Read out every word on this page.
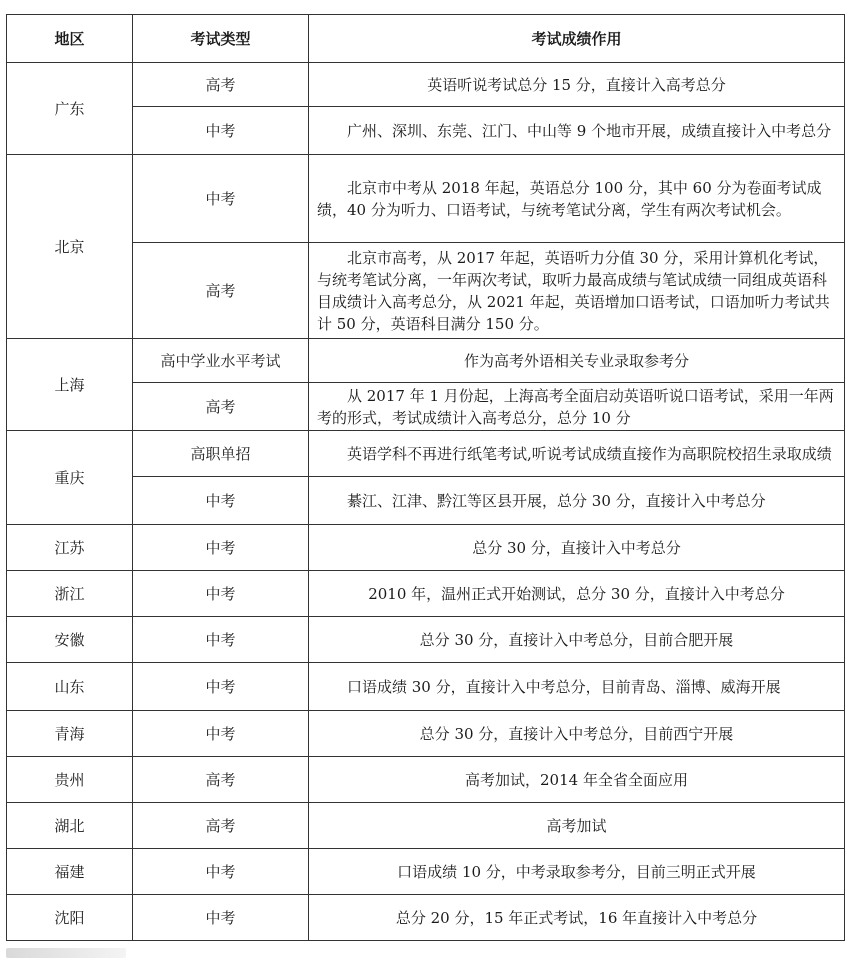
地区	考试类型	考试成绩作用
广东	高考	英语听说考试总分 15 分，直接计入高考总分
	中考	广州、深圳、东莞、江门、中山等 9 个地市开展，成绩直接计入中考总分
北京	中考	北京市中考从 2018 年起，英语总分 100 分，其中 60 分为卷面考试成绩，40 分为听力、口语考试，与统考笔试分离，学生有两次考试机会。
	高考	北京市高考，从 2017 年起，英语听力分值 30 分，采用计算机化考试，与统考笔试分离，一年两次考试，取听力最高成绩与笔试成绩一同组成英语科目成绩计入高考总分，从 2021 年起，英语增加口语考试，口语加听力考试共计 50 分，英语科目满分 150 分。
上海	高中学业水平考试	作为高考外语相关专业录取参考分
	高考	从 2017 年 1 月份起，上海高考全面启动英语听说口语考试，采用一年两考的形式，考试成绩计入高考总分，总分 10 分
重庆	高职单招	英语学科不再进行纸笔考试,听说考试成绩直接作为高职院校招生录取成绩
	中考	綦江、江津、黔江等区县开展，总分 30 分，直接计入中考总分
江苏	中考	总分 30 分，直接计入中考总分
浙江	中考	2010 年，温州正式开始测试，总分 30 分，直接计入中考总分
安徽	中考	总分 30 分，直接计入中考总分，目前合肥开展
山东	中考	口语成绩 30 分，直接计入中考总分，目前青岛、淄博、威海开展
青海	中考	总分 30 分，直接计入中考总分，目前西宁开展
贵州	高考	高考加试，2014 年全省全面应用
湖北	高考	高考加试
福建	中考	口语成绩 10 分，中考录取参考分，目前三明正式开展
沈阳	中考	总分 20 分，15 年正式考试，16 年直接计入中考总分
